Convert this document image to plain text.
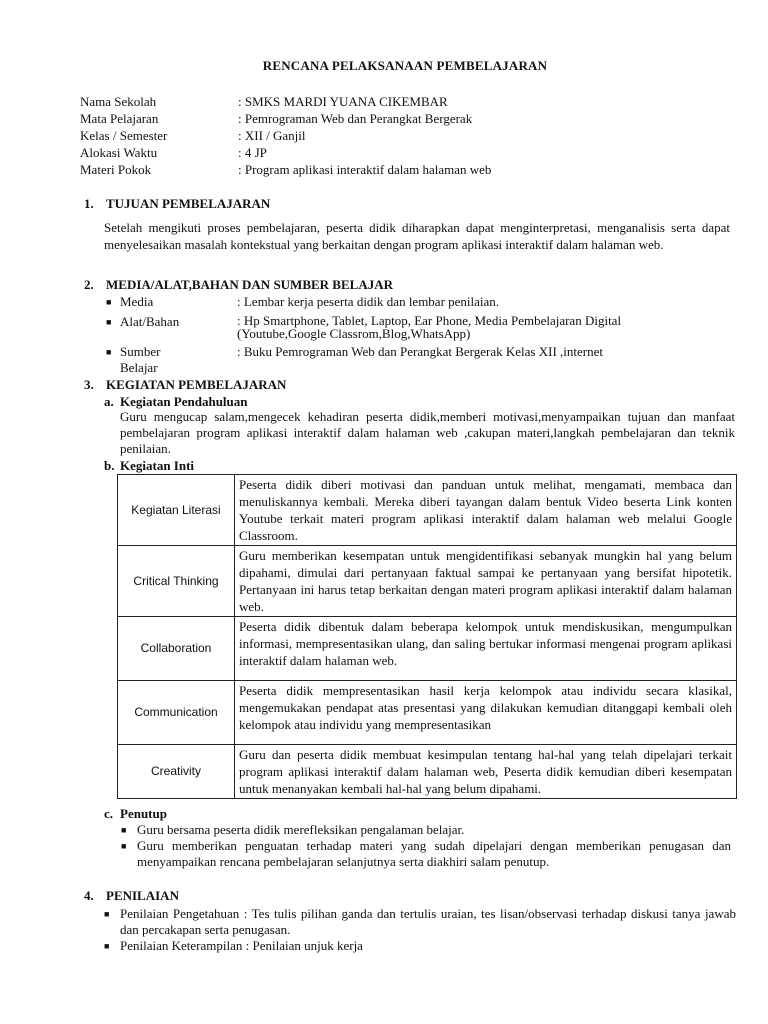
RENCANA PELAKSANAAN PEMBELAJARAN
Nama Sekolah	: SMKS MARDI YUANA CIKEMBAR
Mata Pelajaran	: Pemrograman Web dan Perangkat Bergerak
Kelas / Semester	: XII / Ganjil
Alokasi Waktu	: 4 JP
Materi Pokok	: Program aplikasi interaktif dalam halaman web
1. TUJUAN PEMBELAJARAN
Setelah mengikuti proses pembelajaran, peserta didik diharapkan dapat menginterpretasi, menganalisis serta dapat menyelesaikan masalah kontekstual yang berkaitan dengan program aplikasi interaktif dalam halaman web.
2. MEDIA/ALAT,BAHAN DAN SUMBER BELAJAR
■ Media	: Lembar kerja peserta didik dan lembar penilaian.
■ Alat/Bahan	: Hp Smartphone, Tablet, Laptop, Ear Phone, Media Pembelajaran Digital (Youtube,Google Classrom,Blog,WhatsApp)
■ Sumber Belajar
: Buku Pemrograman Web dan Perangkat Bergerak Kelas XII ,internet
3. KEGIATAN PEMBELAJARAN
a. Kegiatan Pendahuluan
Guru mengucap salam,mengecek kehadiran peserta didik,memberi motivasi,menyampaikan tujuan dan manfaat pembelajaran program aplikasi interaktif dalam halaman web ,cakupan materi,langkah pembelajaran dan teknik penilaian.
b. Kegiatan Inti
Kegiatan Literasi	Peserta didik diberi motivasi dan panduan untuk melihat, mengamati, membaca dan menuliskannya kembali. Mereka diberi tayangan dalam bentuk Video beserta Link konten Youtube terkait materi program aplikasi interaktif dalam halaman web melalui Google Classroom.
Critical Thinking	Guru memberikan kesempatan untuk mengidentifikasi sebanyak mungkin hal yang belum dipahami, dimulai dari pertanyaan faktual sampai ke pertanyaan yang bersifat hipotetik. Pertanyaan ini harus tetap berkaitan dengan materi program aplikasi interaktif dalam halaman web.
Collaboration	Peserta didik dibentuk dalam beberapa kelompok untuk mendiskusikan, mengumpulkan informasi, mempresentasikan ulang, dan saling bertukar informasi mengenai program aplikasi interaktif dalam halaman web.
Communication	Peserta didik mempresentasikan hasil kerja kelompok atau individu secara klasikal, mengemukakan pendapat atas presentasi yang dilakukan kemudian ditanggapi kembali oleh kelompok atau individu yang mempresentasikan
Creativity	Guru dan peserta didik membuat kesimpulan tentang hal-hal yang telah dipelajari terkait program aplikasi interaktif dalam halaman web, Peserta didik kemudian diberi kesempatan untuk menanyakan kembali hal-hal yang belum dipahami.
c. Penutup
■ Guru bersama peserta didik merefleksikan pengalaman belajar.
■ Guru memberikan penguatan terhadap materi yang sudah dipelajari dengan memberikan penugasan dan menyampaikan rencana pembelajaran selanjutnya serta diakhiri salam penutup.
4. PENILAIAN
■ Penilaian Pengetahuan : Tes tulis pilihan ganda dan tertulis uraian, tes lisan/observasi terhadap diskusi tanya jawab dan percakapan serta penugasan.
■ Penilaian Keterampilan : Penilaian unjuk kerja
